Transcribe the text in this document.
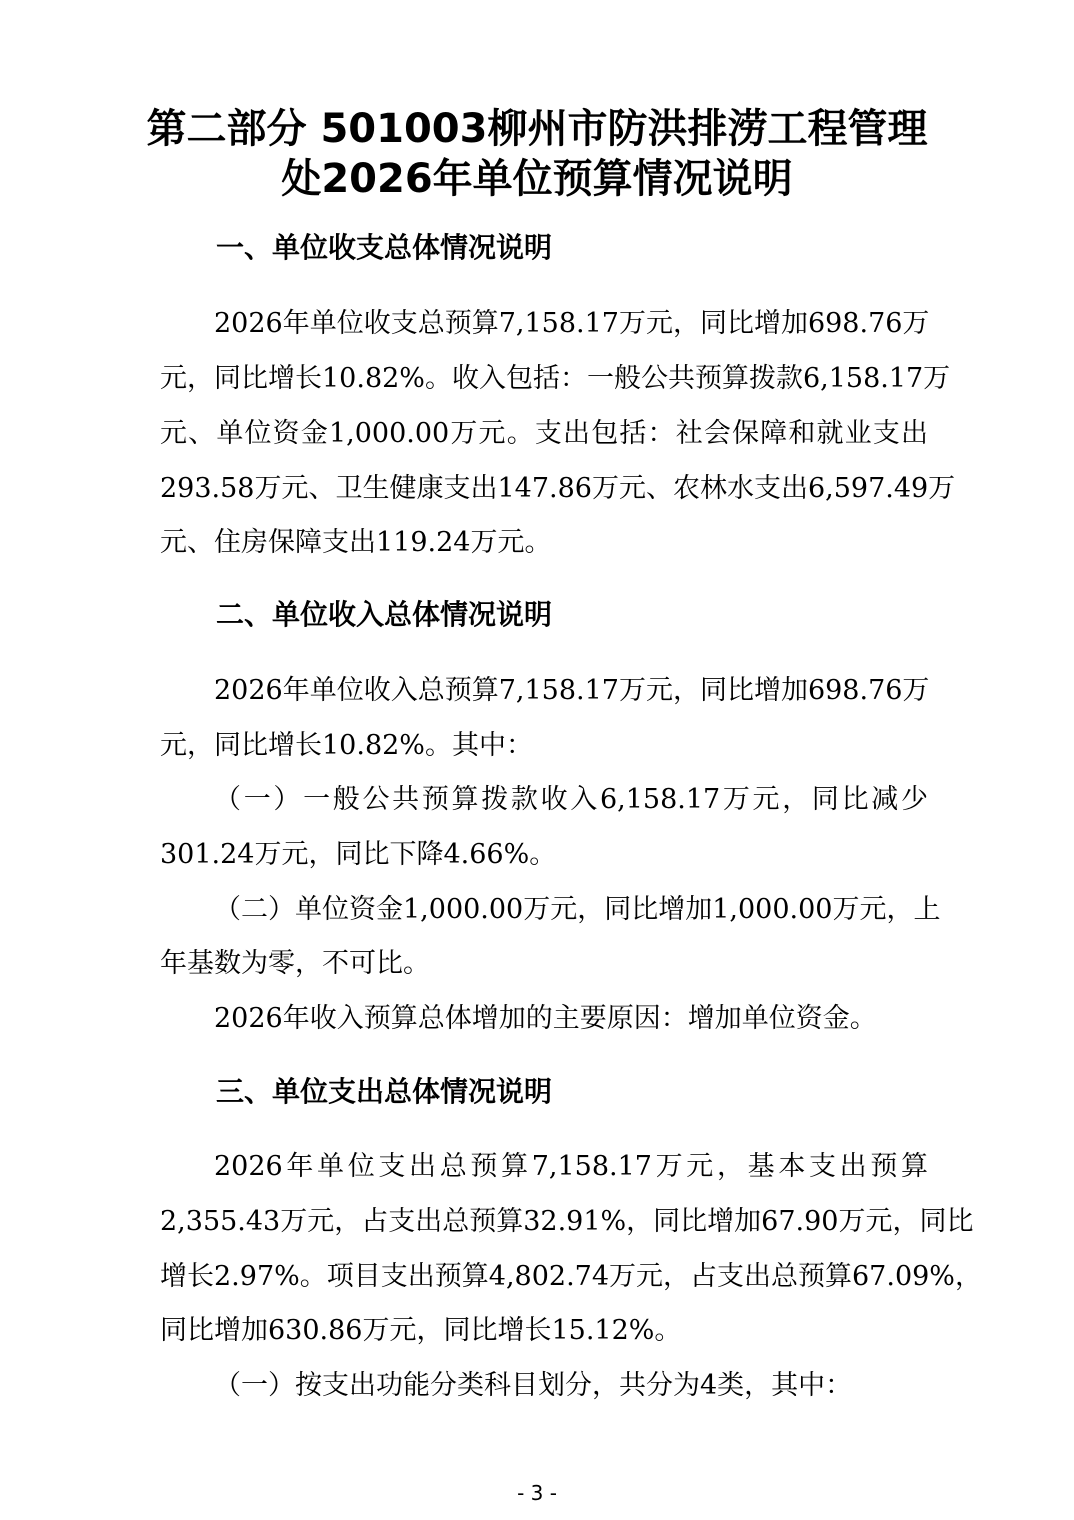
第二部分 501003柳州市防洪排涝工程管理
处2026年单位预算情况说明
一、单位收支总体情况说明
2026年单位收支总预算7,158.17万元，同比增加698.76万
元，同比增长10.82%。收入包括：一般公共预算拨款6,158.17万
元、单位资金1,000.00万元。支出包括：社会保障和就业支出
293.58万元、卫生健康支出147.86万元、农林水支出6,597.49万
元、住房保障支出119.24万元。
二、单位收入总体情况说明
2026年单位收入总预算7,158.17万元，同比增加698.76万
元，同比增长10.82%。其中：
（一）一般公共预算拨款收入6,158.17万元，同比减少
301.24万元，同比下降4.66%。
（二）单位资金1,000.00万元，同比增加1,000.00万元，上
年基数为零，不可比。
2026年收入预算总体增加的主要原因：增加单位资金。
三、单位支出总体情况说明
2026年单位支出总预算7,158.17万元，基本支出预算
2,355.43万元，占支出总预算32.91%，同比增加67.90万元，同比
增长2.97%。项目支出预算4,802.74万元，占支出总预算67.09%，
同比增加630.86万元，同比增长15.12%。
（一）按支出功能分类科目划分，共分为4类，其中：
- 3 -
